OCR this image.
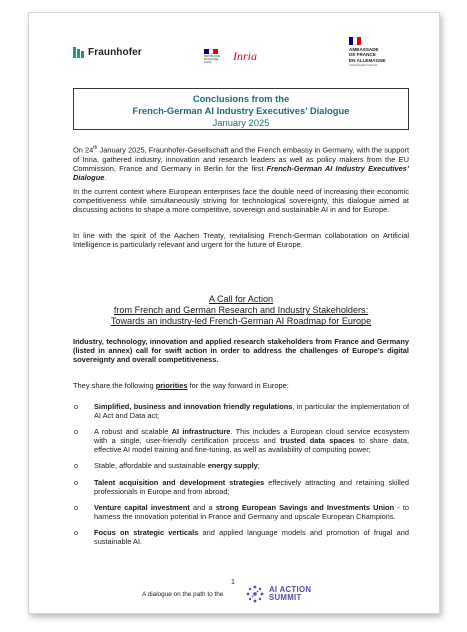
Fraunhofer	RÉPUBLIQUE
FRANÇAISE
Liberté	Inria	AMBASSADE
DE FRANCE
EN ALLEMAGNE
Liberté Égalité Fraternité
Conclusions from the
French-German AI Industry Executives’ Dialogue
January 2025

On 24th January 2025, Fraunhofer-Gesellschaft and the French embassy in Germany, with the support of Inria, gathered industry, innovation and research leaders as well as policy makers from the EU Commission, France and Germany in Berlin for the first French-German AI Industry Executives’ Dialogue.

In the current context where European enterprises face the double need of increasing their economic competitiveness while simultaneously striving for technological sovereignty, this dialogue aimed at discussing actions to shape a more competitive, sovereign and sustainable AI in and for Europe.

In line with the spirit of the Aachen Treaty, revitalising French-German collaboration on Artificial Intelligence is particularly relevant and urgent for the future of Europe.

A Call for Action
from French and German Research and Industry Stakeholders:
Towards an industry-led French-German AI Roadmap for Europe

Industry, technology, innovation and applied research stakeholders from France and Germany (listed in annex) call for swift action in order to address the challenges of Europe’s digital sovereignty and overall competitiveness.

They share the following priorities for the way forward in Europe:

o Simplified, business and innovation friendly regulations, in particular the implementation of AI Act and Data act;
o A robust and scalable AI infrastructure. This includes a European cloud service ecosystem with a single, user-friendly certification process and trusted data spaces to share data, effective AI model training and fine-tuning, as well as availability of computing power;
o Stable, affordable and sustainable energy supply;
o Talent acquisition and development strategies effectively attracting and retaining skilled professionals in Europe and from abroad;
o Venture capital investment and a strong European Savings and Investments Union - to harness the innovation potential in France and Germany and upscale European Champions.
o Focus on strategic verticals and applied language models and promotion of frugal and sustainable AI.
1
A dialogue on the path to the
AI ACTION
SUMMIT
